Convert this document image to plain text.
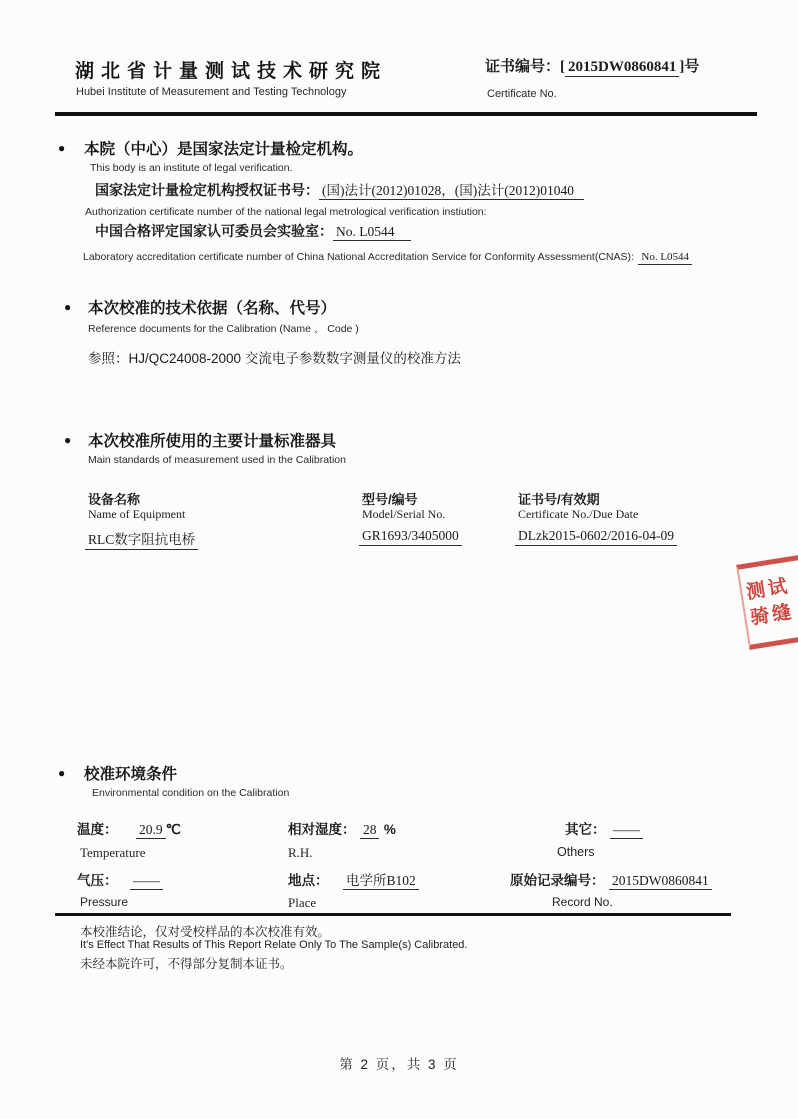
湖北省计量测试技术研究院
Hubei Institute of Measurement and Testing Technology
证书编号：[ 2015DW0860841 ]号
Certificate No.
● 本院（中心）是国家法定计量检定机构。
This body is an institute of legal verification.
国家法定计量检定机构授权证书号： (国)法计(2012)01028，(国)法计(2012)01040
Authorization certificate number of the national legal metrological verification instiution:
中国合格评定国家认可委员会实验室： No. L0544
Laboratory accreditation certificate number of China National Accreditation Service for Conformity Assessment(CNAS): No. L0544
● 本次校准的技术依据（名称、代号）
Reference documents for the Calibration (Name 、 Code )
参照：HJ/QC24008-2000 交流电子参数数字测量仪的校准方法
● 本次校准所使用的主要计量标准器具
Main standards of measurement used in the Calibration
设备名称	型号/编号	证书号/有效期
Name of Equipment	Model/Serial No.	Certificate No./Due Date
RLC数字阻抗电桥	GR1693/3405000	DLzk2015-0602/2016-04-09
测试
骑缝
● 校准环境条件
Environmental condition on the Calibration
温度： 20.9 ℃	相对湿度： 28 %	其它： ——
Temperature	R.H.	Others
气压： ——	地点： 电学所B102	原始记录编号： 2015DW0860841
Pressure	Place	Record No.
本校准结论，仅对受校样品的本次校准有效。
It's Effect That Results of This Report Relate Only To The Sample(s) Calibrated.
未经本院许可，不得部分复制本证书。
第 2 页，共 3 页
